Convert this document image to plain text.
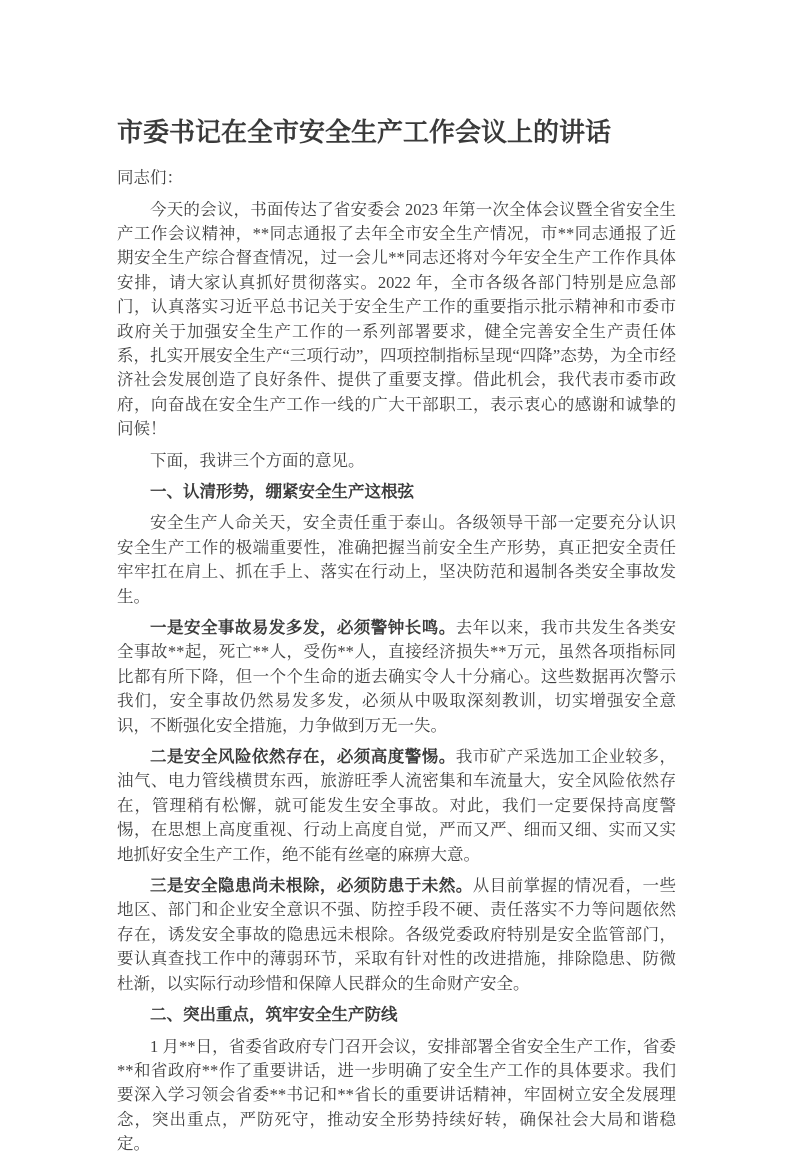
市委书记在全市安全生产工作会议上的讲话

同志们：

今天的会议，书面传达了省安委会 2023 年第一次全体会议暨全省安全生产工作会议精神，**同志通报了去年全市安全生产情况，市**同志通报了近期安全生产综合督查情况，过一会儿**同志还将对今年安全生产工作作具体安排，请大家认真抓好贯彻落实。2022 年，全市各级各部门特别是应急部门，认真落实习近平总书记关于安全生产工作的重要指示批示精神和市委市政府关于加强安全生产工作的一系列部署要求，健全完善安全生产责任体系，扎实开展安全生产“三项行动”，四项控制指标呈现“四降”态势，为全市经济社会发展创造了良好条件、提供了重要支撑。借此机会，我代表市委市政府，向奋战在安全生产工作一线的广大干部职工，表示衷心的感谢和诚挚的问候！

下面，我讲三个方面的意见。

一、认清形势，绷紧安全生产这根弦

安全生产人命关天，安全责任重于泰山。各级领导干部一定要充分认识安全生产工作的极端重要性，准确把握当前安全生产形势，真正把安全责任牢牢扛在肩上、抓在手上、落实在行动上，坚决防范和遏制各类安全事故发生。

一是安全事故易发多发，必须警钟长鸣。去年以来，我市共发生各类安全事故**起，死亡**人，受伤**人，直接经济损失**万元，虽然各项指标同比都有所下降，但一个个生命的逝去确实令人十分痛心。这些数据再次警示我们，安全事故仍然易发多发，必须从中吸取深刻教训，切实增强安全意识，不断强化安全措施，力争做到万无一失。

二是安全风险依然存在，必须高度警惕。我市矿产采选加工企业较多，油气、电力管线横贯东西，旅游旺季人流密集和车流量大，安全风险依然存在，管理稍有松懈，就可能发生安全事故。对此，我们一定要保持高度警惕，在思想上高度重视、行动上高度自觉，严而又严、细而又细、实而又实地抓好安全生产工作，绝不能有丝毫的麻痹大意。

三是安全隐患尚未根除，必须防患于未然。从目前掌握的情况看，一些地区、部门和企业安全意识不强、防控手段不硬、责任落实不力等问题依然存在，诱发安全事故的隐患远未根除。各级党委政府特别是安全监管部门，要认真查找工作中的薄弱环节，采取有针对性的改进措施，排除隐患、防微杜渐，以实际行动珍惜和保障人民群众的生命财产安全。

二、突出重点，筑牢安全生产防线

1 月**日，省委省政府专门召开会议，安排部署全省安全生产工作，省委**和省政府**作了重要讲话，进一步明确了安全生产工作的具体要求。我们要深入学习领会省委**书记和**省长的重要讲话精神，牢固树立安全发展理念，突出重点，严防死守，推动安全形势持续好转，确保社会大局和谐稳定。
